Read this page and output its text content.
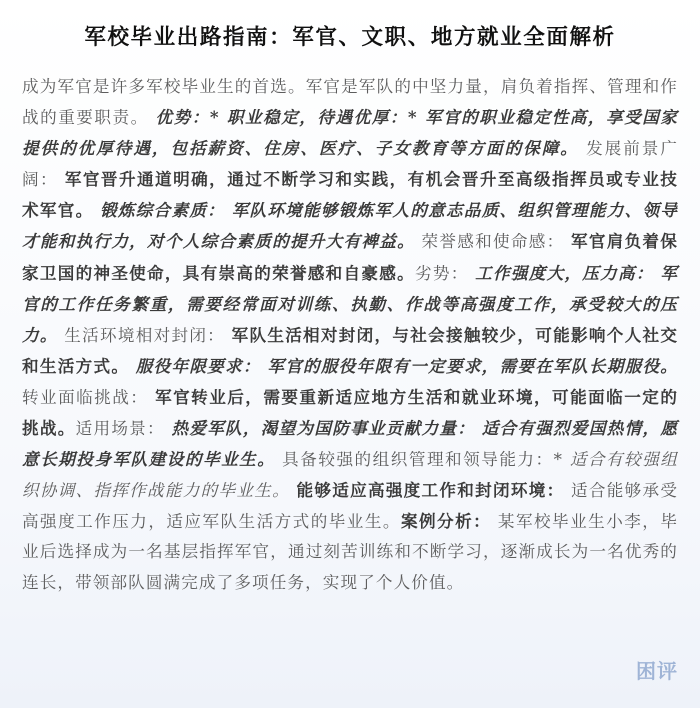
军校毕业出路指南：军官、文职、地方就业全面解析

成为军官是许多军校毕业生的首选。军官是军队的中坚力量，肩负着指挥、管理和作战的重要职责。 优势：* 职业稳定，待遇优厚：* 军官的职业稳定性高，享受国家提供的优厚待遇，包括薪资、住房、医疗、子女教育等方面的保障。 发展前景广阔： 军官晋升通道明确，通过不断学习和实践，有机会晋升至高级指挥员或专业技术军官。 锻炼综合素质： 军队环境能够锻炼军人的意志品质、组织管理能力、领导才能和执行力，对个人综合素质的提升大有裨益。 荣誉感和使命感： 军官肩负着保家卫国的神圣使命，具有崇高的荣誉感和自豪感。劣势： 工作强度大，压力高： 军官的工作任务繁重，需要经常面对训练、执勤、作战等高强度工作，承受较大的压力。 生活环境相对封闭： 军队生活相对封闭，与社会接触较少，可能影响个人社交和生活方式。 服役年限要求： 军官的服役年限有一定要求，需要在军队长期服役。 转业面临挑战： 军官转业后，需要重新适应地方生活和就业环境，可能面临一定的挑战。适用场景： 热爱军队，渴望为国防事业贡献力量： 适合有强烈爱国热情，愿意长期投身军队建设的毕业生。 具备较强的组织管理和领导能力：* 适合有较强组织协调、指挥作战能力的毕业生。 能够适应高强度工作和封闭环境： 适合能够承受高强度工作压力，适应军队生活方式的毕业生。案例分析： 某军校毕业生小李，毕业后选择成为一名基层指挥军官，通过刻苦训练和不断学习，逐渐成长为一名优秀的连长，带领部队圆满完成了多项任务，实现了个人价值。

困评
